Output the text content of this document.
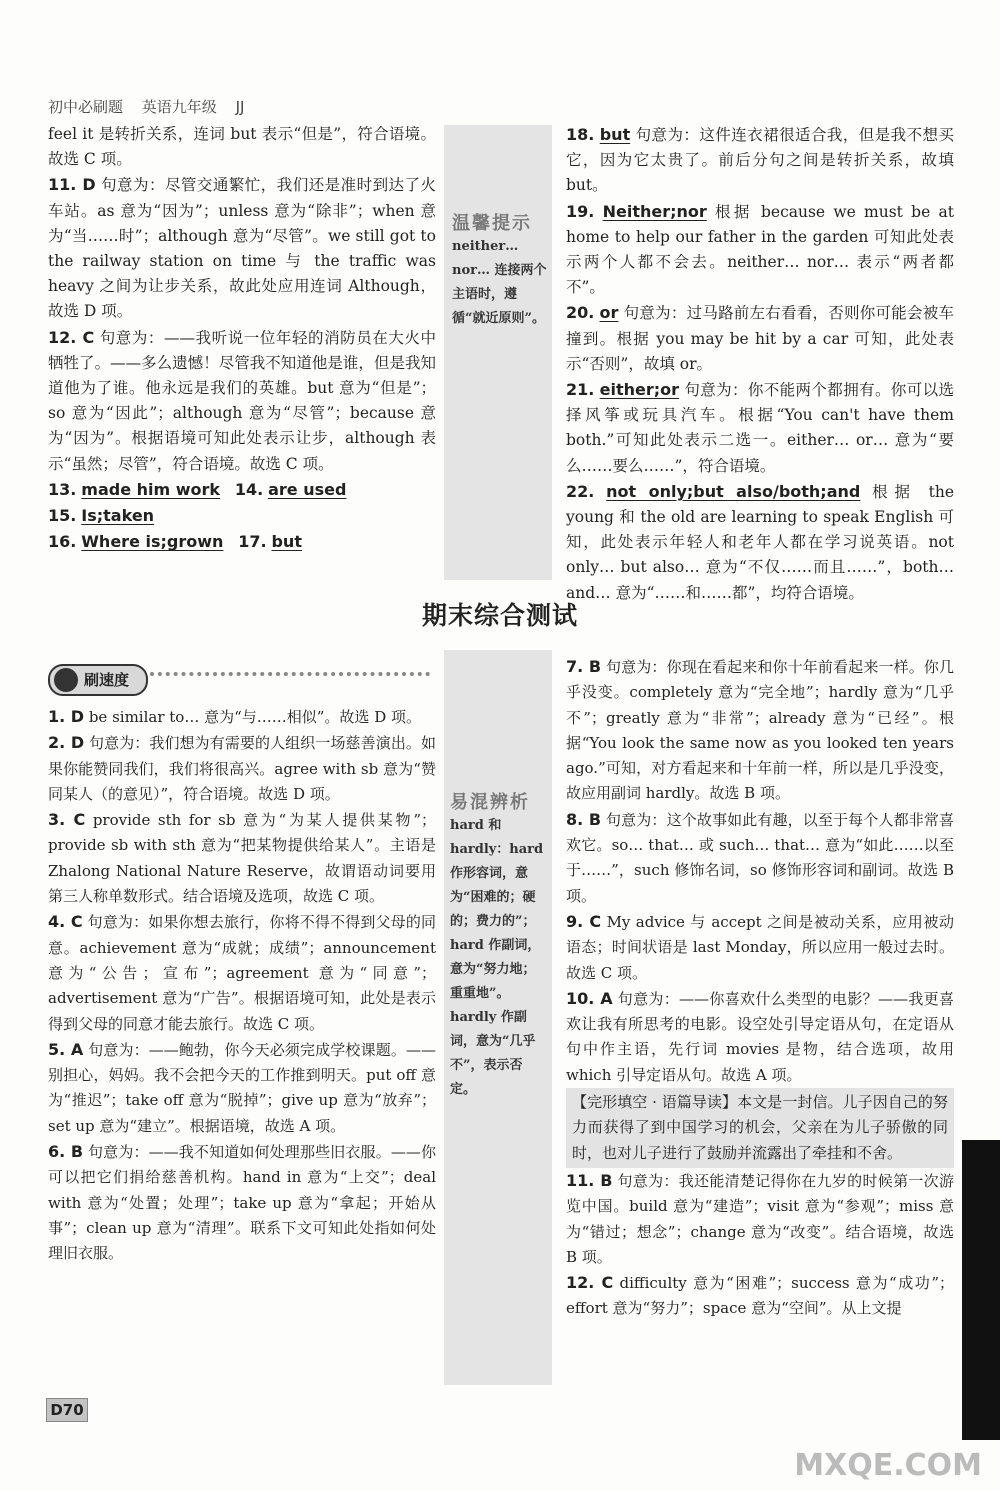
初中必刷题 英语九年级 JJ

feel it 是转折关系，连词 but 表示“但是”，符合语境。故选 C 项。

11. D 句意为：尽管交通繁忙，我们还是准时到达了火车站。as 意为“因为”；unless 意为“除非”；when 意为“当……时”；although 意为“尽管”。we still got to the railway station on time 与 the traffic was heavy 之间为让步关系，故此处应用连词 Although，故选 D 项。

12. C 句意为：——我听说一位年轻的消防员在大火中牺牲了。——多么遗憾！尽管我不知道他是谁，但是我知道他为了谁。他永远是我们的英雄。but 意为“但是”；so 意为“因此”；although 意为“尽管”；because 意为“因为”。根据语境可知此处表示让步，although 表示“虽然；尽管”，符合语境。故选 C 项。

13. made him work 14. are used

15. Is;taken

16. Where is;grown 17. but

温馨提示
neither… nor… 连接两个主语时，遵循“就近原则”。

18. but 句意为：这件连衣裙很适合我，但是我不想买它，因为它太贵了。前后分句之间是转折关系，故填 but。

19. Neither;nor 根据 because we must be at home to help our father in the garden 可知此处表示两个人都不会去。neither… nor… 表示“两者都不”。

20. or 句意为：过马路前左右看看，否则你可能会被车撞到。根据 you may be hit by a car 可知，此处表示“否则”，故填 or。

21. either;or 句意为：你不能两个都拥有。你可以选择风筝或玩具汽车。根据“You can't have them both.”可知此处表示二选一。either… or… 意为“要么……要么……”，符合语境。

22. not only;but also/both;and 根据 the young 和 the old are learning to speak English 可知，此处表示年轻人和老年人都在学习说英语。not only… but also… 意为“不仅……而且……”，both… and… 意为“……和……都”，均符合语境。

期末综合测试
刷速度

1. D be similar to… 意为“与……相似”。故选 D 项。

2. D 句意为：我们想为有需要的人组织一场慈善演出。如果你能赞同我们，我们将很高兴。agree with sb 意为“赞同某人（的意见）”，符合语境。故选 D 项。

3. C provide sth for sb 意为“为某人提供某物”；provide sb with sth 意为“把某物提供给某人”。主语是 Zhalong National Nature Reserve，故谓语动词要用第三人称单数形式。结合语境及选项，故选 C 项。

4. C 句意为：如果你想去旅行，你将不得不得到父母的同意。achievement 意为“成就；成绩”；announcement 意为“公告；宣布”；agreement 意为“同意”；advertisement 意为“广告”。根据语境可知，此处是表示得到父母的同意才能去旅行。故选 C 项。

5. A 句意为：——鲍勃，你今天必须完成学校课题。——别担心，妈妈。我不会把今天的工作推到明天。put off 意为“推迟”；take off 意为“脱掉”；give up 意为“放弃”；set up 意为“建立”。根据语境，故选 A 项。

6. B 句意为：——我不知道如何处理那些旧衣服。——你可以把它们捐给慈善机构。hand in 意为“上交”；deal with 意为“处置；处理”；take up 意为“拿起；开始从事”；clean up 意为“清理”。联系下文可知此处指如何处理旧衣服。

易混辨析
hard 和 hardly：hard 作形容词，意为“困难的；硬的；费力的”；hard 作副词，意为“努力地；重重地”。hardly 作副词，意为“几乎不”，表示否定。

7. B 句意为：你现在看起来和你十年前看起来一样。你几乎没变。completely 意为“完全地”；hardly 意为“几乎不”；greatly 意为“非常”；already 意为“已经”。根据“You look the same now as you looked ten years ago.”可知，对方看起来和十年前一样，所以是几乎没变，故应用副词 hardly。故选 B 项。

8. B 句意为：这个故事如此有趣，以至于每个人都非常喜欢它。so… that… 或 such… that… 意为“如此……以至于……”，such 修饰名词，so 修饰形容词和副词。故选 B 项。

9. C My advice 与 accept 之间是被动关系，应用被动语态；时间状语是 last Monday，所以应用一般过去时。故选 C 项。

10. A 句意为：——你喜欢什么类型的电影？——我更喜欢让我有所思考的电影。设空处引导定语从句，在定语从句中作主语，先行词 movies 是物，结合选项，故用 which 引导定语从句。故选 A 项。

【完形填空 · 语篇导读】本文是一封信。儿子因自己的努力而获得了到中国学习的机会，父亲在为儿子骄傲的同时，也对儿子进行了鼓励并流露出了牵挂和不舍。

11. B 句意为：我还能清楚记得你在九岁的时候第一次游览中国。build 意为“建造”；visit 意为“参观”；miss 意为“错过；想念”；change 意为“改变”。结合语境，故选 B 项。

12. C difficulty 意为“困难”；success 意为“成功”；effort 意为“努力”；space 意为“空间”。从上文提

D70
MXQE.COM
